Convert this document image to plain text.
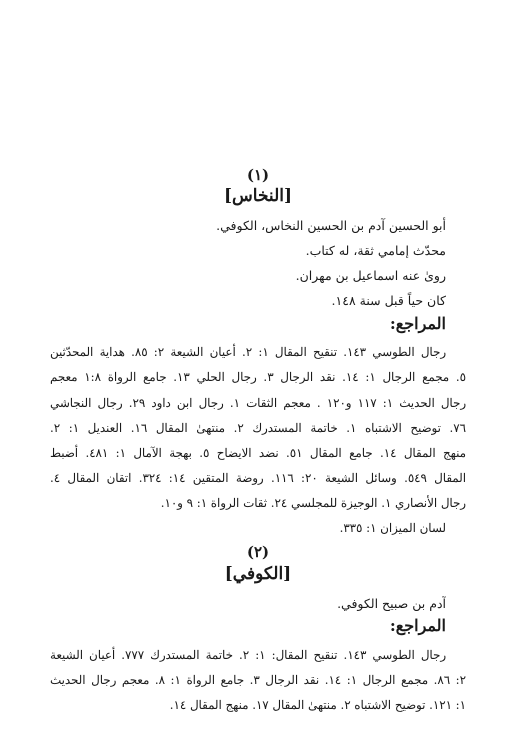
(١)
[النخاس]
أبو الحسين آدم بن الحسين النخاس، الكوفي.
محدّث إمامي ثقة، له كتاب.
رویٰ عنه اسماعيل بن مهران.
كان حياً قبل سنة ١٤٨.
المراجع:
رجال الطوسي ١٤٣. تنقيح المقال ١: ٢. أعيان الشيعة ٢: ٨٥. هداية المحدّثين
٥. مجمع الرجال ١: ١٤. نقد الرجال ٣. رجال الحلي ١٣. جامع الرواة ١:٨ معجم
رجال الحديث ١: ١١٧ و١٢٠ . معجم الثقات ١. رجال ابن داود ٢٩. رجال النجاشي
٧٦. توضيح الاشتباه ١. خاتمة المستدرك ٢. منتهىٰ المقال ١٦. العنديل ١: ٢.
منهج المقال ١٤. جامع المقال ٥١. نضد الايضاح ٥. بهجة الآمال ١: ٤٨١. أضبط
المقال ٥٤٩. وسائل الشيعة ٢٠: ١١٦. روضة المتقين ١٤: ٣٢٤. اتقان المقال ٤.
رجال الأنصاري ١. الوجيزة للمجلسي ٢٤. ثقات الرواة ١: ٩ و١٠.
لسان الميزان ١: ٣٣٥.
(٢)
[الكوفي]
آدم بن صبيح الكوفي.
المراجع:
رجال الطوسي ١٤٣. تنقيح المقال: ١: ٢. خاتمة المستدرك ٧٧٧. أعيان الشيعة
٢: ٨٦. مجمع الرجال ١: ١٤. نقد الرجال ٣. جامع الرواة ١: ٨. معجم رجال الحديث
١: ١٢١. توضيح الاشتباه ٢. منتهىٰ المقال ١٧. منهج المقال ١٤.
